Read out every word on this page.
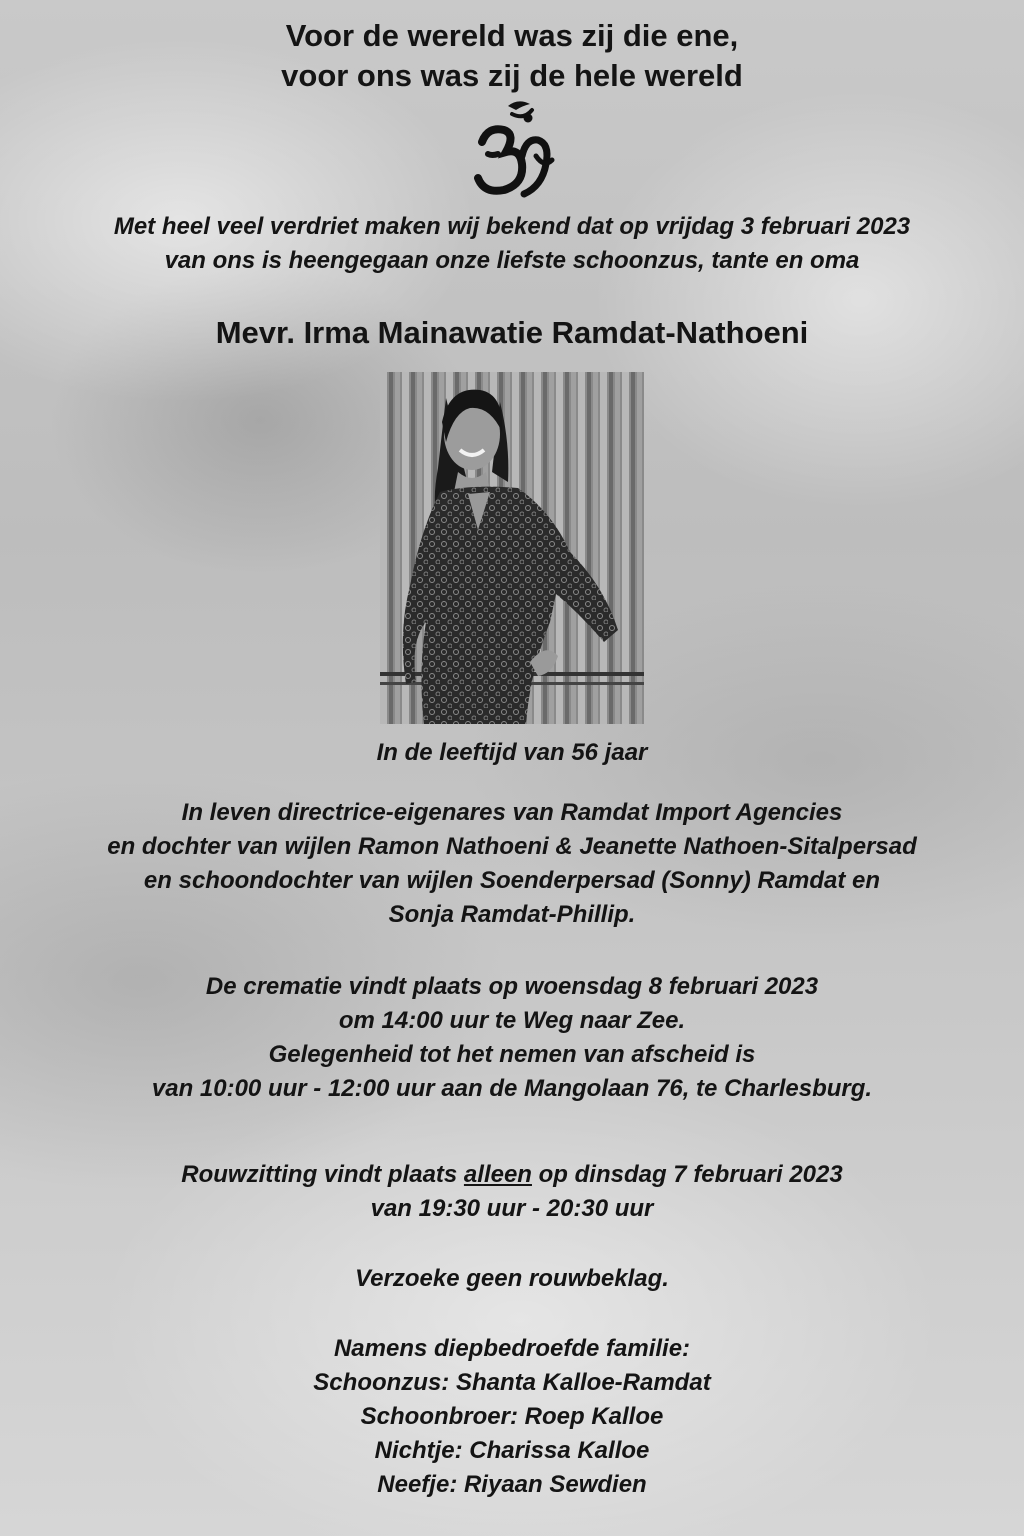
Voor de wereld was zij die ene,
voor ons was zij de hele wereld
Met heel veel verdriet maken wij bekend dat op vrijdag 3 februari 2023
van ons is heengegaan onze liefste schoonzus, tante en oma
Mevr. Irma Mainawatie Ramdat-Nathoeni
In de leeftijd van 56 jaar
In leven directrice-eigenares van Ramdat Import Agencies
en dochter van wijlen Ramon Nathoeni & Jeanette Nathoen-Sitalpersad
en schoondochter van wijlen Soenderpersad (Sonny) Ramdat en
Sonja Ramdat-Phillip.
De crematie vindt plaats op woensdag 8 februari 2023
om 14:00 uur te Weg naar Zee.
Gelegenheid tot het nemen van afscheid is
van 10:00 uur - 12:00 uur aan de Mangolaan 76, te Charlesburg.
Rouwzitting vindt plaats alleen op dinsdag 7 februari 2023
van 19:30 uur - 20:30 uur
Verzoeke geen rouwbeklag.
Namens diepbedroefde familie:
Schoonzus: Shanta Kalloe-Ramdat
Schoonbroer: Roep Kalloe
Nichtje: Charissa Kalloe
Neefje: Riyaan Sewdien
